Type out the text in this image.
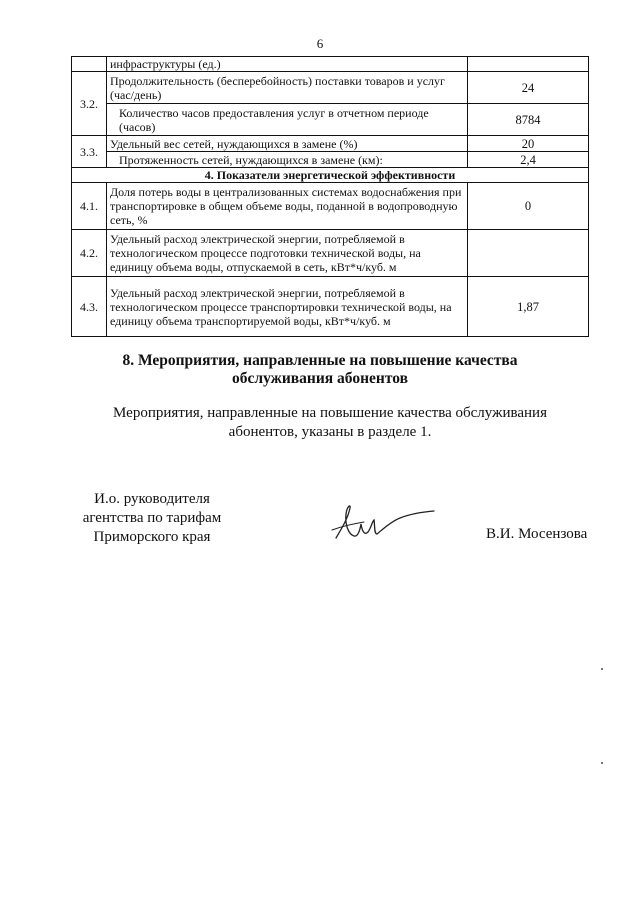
6
	инфраструктуры (ед.)	
3.2.	Продолжительность (бесперебойность) поставки товаров и услуг (час/день)	24
	Количество часов предоставления услуг в отчетном периоде (часов)	8784
3.3.	Удельный вес сетей, нуждающихся в замене (%)	20
	Протяженность сетей, нуждающихся в замене (км):	2,4
4. Показатели энергетической эффективности		
4.1.	Доля потерь воды в централизованных системах водоснабжения при транспортировке в общем объеме воды, поданной в водопроводную сеть, %	0
4.2.	Удельный расход электрической энергии, потребляемой в технологическом процессе подготовки технической воды, на единицу объема воды, отпускаемой в сеть, кВт*ч/куб. м	
4.3.	Удельный расход электрической энергии, потребляемой в технологическом процессе транспортировки технической воды, на единицу объема транспортируемой воды, кВт*ч/куб. м	1,87
8. Мероприятия, направленные на повышение качества
обслуживания абонентов
Мероприятия, направленные на повышение качества обслуживания
абонентов, указаны в разделе 1.
И.о. руководителя
агентства по тарифам
Приморского края	В.И. Мосензова
